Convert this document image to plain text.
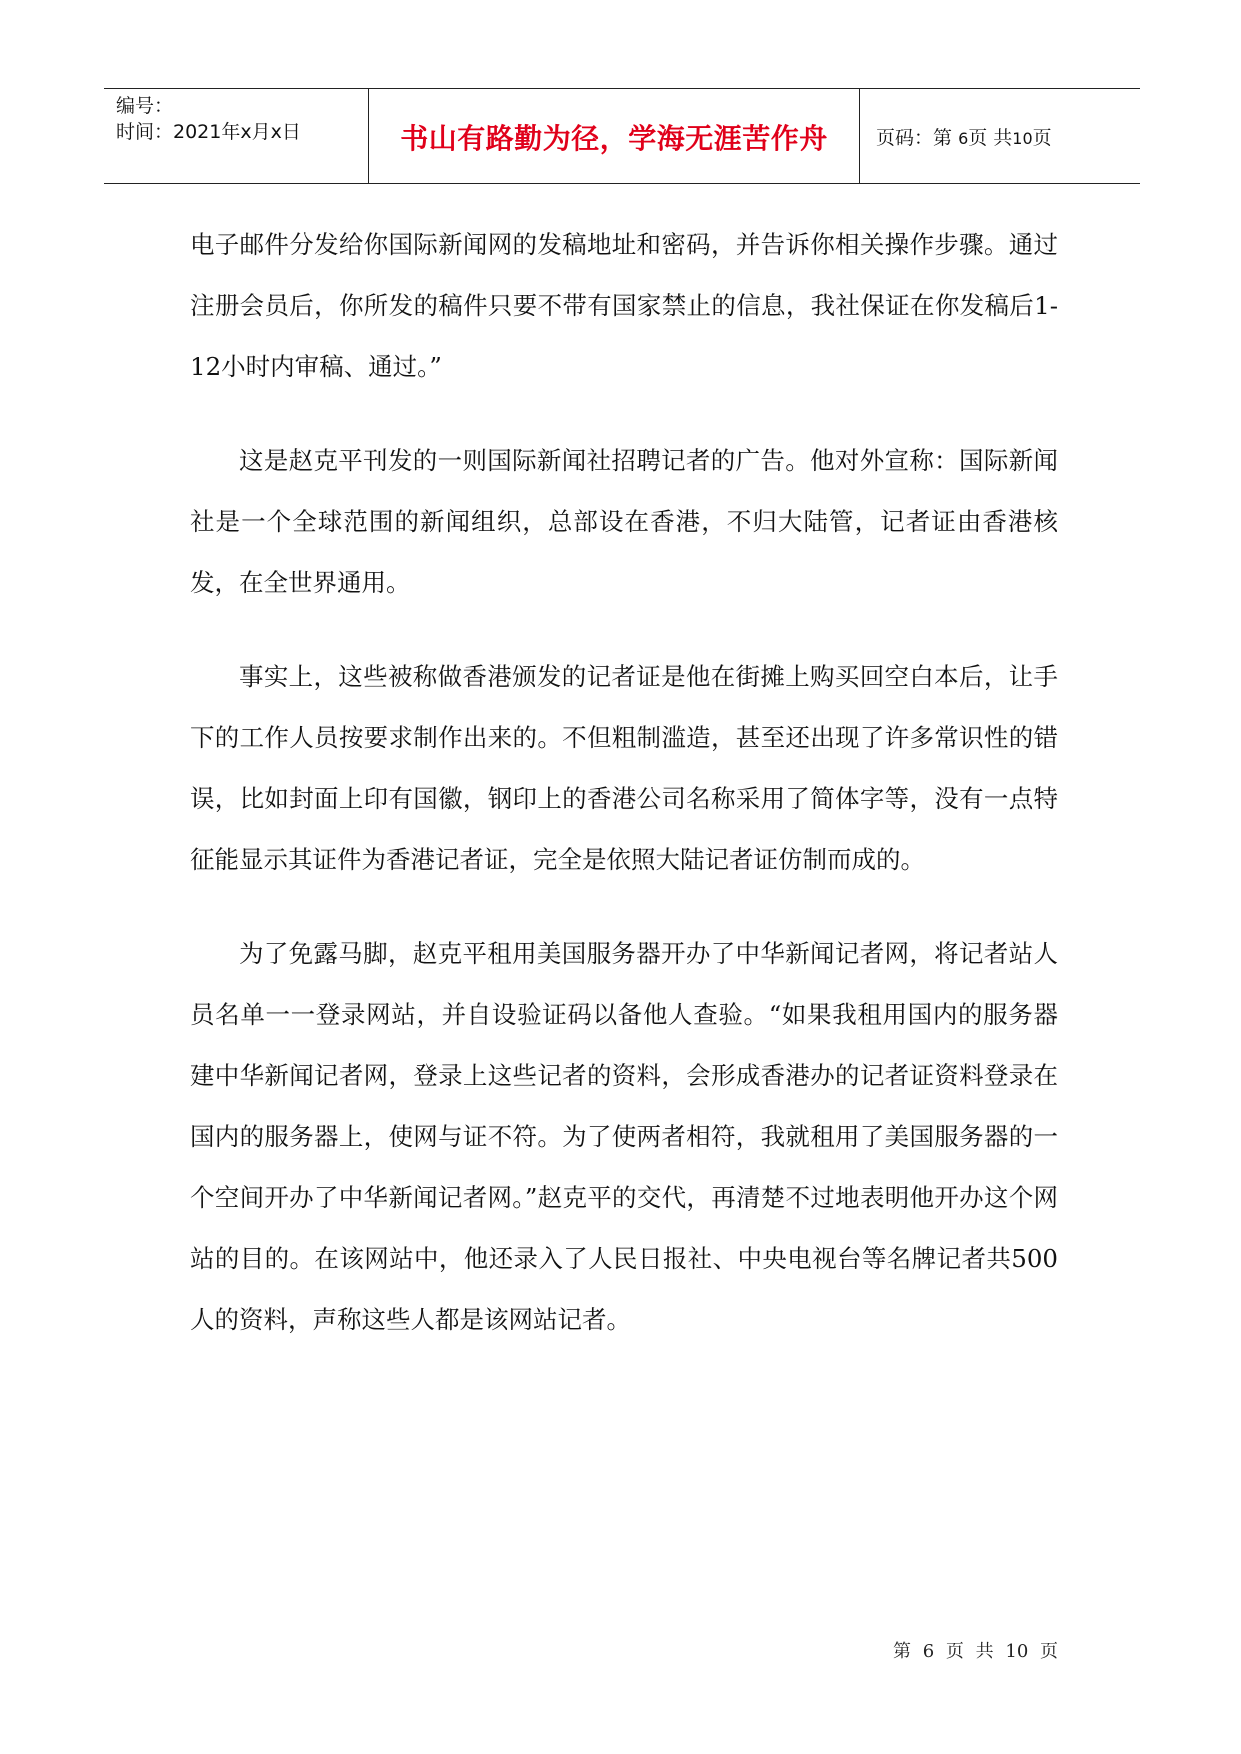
编号：
时间：2021年x月x日	书山有路勤为径，学海无涯苦作舟	页码：第 6页 共10页

电子邮件分发给你国际新闻网的发稿地址和密码，并告诉你相关操作步骤。通过注册会员后，你所发的稿件只要不带有国家禁止的信息，我社保证在你发稿后1-12小时内审稿、通过。”

这是赵克平刊发的一则国际新闻社招聘记者的广告。他对外宣称：国际新闻社是一个全球范围的新闻组织，总部设在香港，不归大陆管，记者证由香港核发，在全世界通用。

事实上，这些被称做香港颁发的记者证是他在街摊上购买回空白本后，让手下的工作人员按要求制作出来的。不但粗制滥造，甚至还出现了许多常识性的错误，比如封面上印有国徽，钢印上的香港公司名称采用了简体字等，没有一点特征能显示其证件为香港记者证，完全是依照大陆记者证仿制而成的。

为了免露马脚，赵克平租用美国服务器开办了中华新闻记者网，将记者站人员名单一一登录网站，并自设验证码以备他人查验。“如果我租用国内的服务器建中华新闻记者网，登录上这些记者的资料，会形成香港办的记者证资料登录在国内的服务器上，使网与证不符。为了使两者相符，我就租用了美国服务器的一个空间开办了中华新闻记者网。”赵克平的交代，再清楚不过地表明他开办这个网站的目的。在该网站中，他还录入了人民日报社、中央电视台等名牌记者共500人的资料，声称这些人都是该网站记者。

第 6 页 共 10 页
